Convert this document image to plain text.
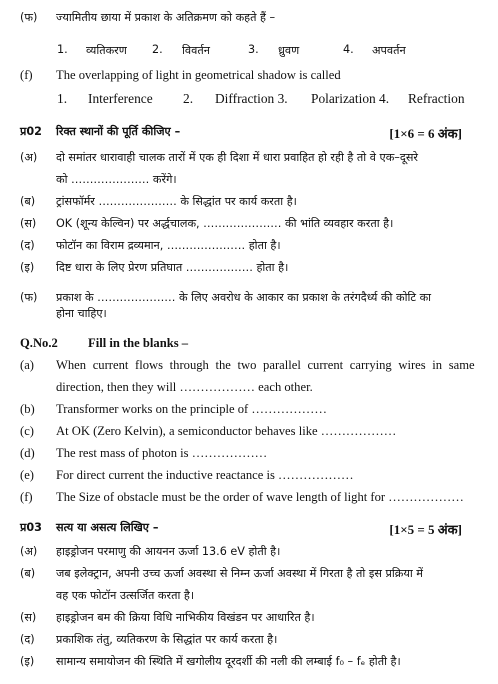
(फ) ज्यामितीय छाया में प्रकाश के अतिक्रमण को कहते हैं –
1. व्यतिकरण 2. विवर्तन	3. ध्रुवण	4. अपवर्तन
(f) The overlapping of light in geometrical shadow is called
1. Interference 2. Diffraction 3. Polarization 4. Refraction
प्र02 रिक्त स्थानों की पूर्ति कीजिए –	[1×6 = 6 अंक]
(अ) दो समांतर धारावाही चालक तारों में एक ही दिशा में धारा प्रवाहित हो रही है तो वे एक–दूसरे
को ………………… करेंगे।
(ब) ट्रांसफॉर्मर ………………… के सिद्धांत पर कार्य करता है।
(स) OK (शून्य केल्विन) पर अर्द्धचालक, ………………… की भांति व्यवहार करता है।
(द) फोटॉन का विराम द्रव्यमान, ………………… होता है।
(इ) दिष्ट धारा के लिए प्रेरण प्रतिघात ……………… होता है।
(फ) प्रकाश के ………………… के लिए अवरोध के आकार का प्रकाश के तरंगदैर्ध्य की कोटि का
होना चाहिए।
Q.No.2 Fill in the blanks –
(a) When current flows through the two parallel current carrying wires in same
direction, then they will ……………… each other.
(b) Transformer works on the principle of ………………
(c) At OK (Zero Kelvin), a semiconductor behaves like ………………
(d) The rest mass of photon is ………………
(e) For direct current the inductive reactance is ………………
(f) The Size of obstacle must be the order of wave length of light for ………………
प्र03 सत्य या असत्य लिखिए –	[1×5 = 5 अंक]
(अ) हाइड्रोजन परमाणु की आयनन ऊर्जा 13.6 eV होती है।
(ब) जब इलेक्ट्रान, अपनी उच्च ऊर्जा अवस्था से निम्न ऊर्जा अवस्था में गिरता है तो इस प्रक्रिया में
वह एक फोटॉन उत्सर्जित करता है।
(स) हाइड्रोजन बम की क्रिया विधि नाभिकीय विखंडन पर आधारित है।
(द) प्रकाशिक तंतु, व्यतिकरण के सिद्धांत पर कार्य करता है।
(इ) सामान्य समायोजन की स्थिति में खगोलीय दूरदर्शी की नली की लम्बाई f₀ – fₑ होती है।
